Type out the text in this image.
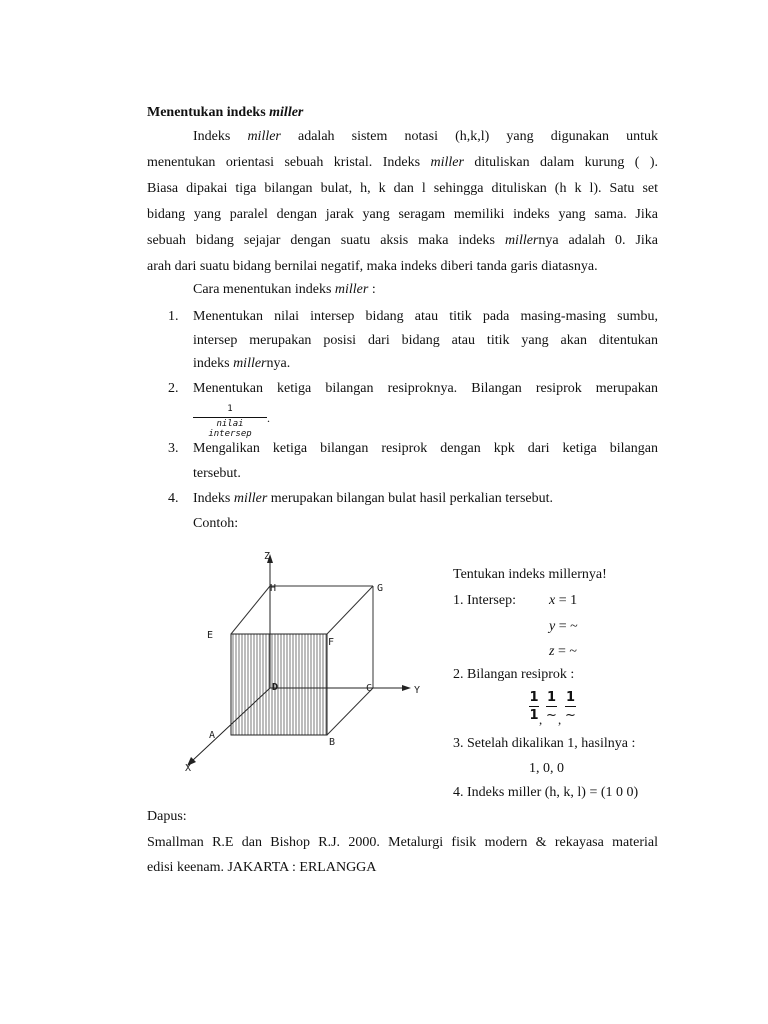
Menentukan indeks miller
Indeks miller adalah sistem notasi (h,k,l) yang digunakan untuk
menentukan orientasi sebuah kristal. Indeks miller dituliskan dalam kurung ( ).
Biasa dipakai tiga bilangan bulat, h, k dan l sehingga dituliskan (h k l). Satu set
bidang yang paralel dengan jarak yang seragam memiliki indeks yang sama. Jika
sebuah bidang sejajar dengan suatu aksis maka indeks millernya adalah 0. Jika
arah dari suatu bidang bernilai negatif, maka indeks diberi tanda garis diatasnya.
Cara menentukan indeks miller :
1. Menentukan nilai intersep bidang atau titik pada masing-masing sumbu,
intersep merupakan posisi dari bidang atau titik yang akan ditentukan
indeks millernya.
2. Menentukan ketiga bilangan resiproknya. Bilangan resiprok merupakan
1
nilai intersep
.
3. Mengalikan ketiga bilangan resiprok dengan kpk dari ketiga bilangan
tersebut.
4. Indeks miller merupakan bilangan bulat hasil perkalian tersebut.
Contoh:
Z
Y
X
H	G
E
F
D	C
A
B
Tentukan indeks millernya!
1. Intersep: x = 1
y = ~
z = ~
2. Bilangan resiprok :
1
1 ,
1
~ ,
1
~
3. Setelah dikalikan 1, hasilnya :
1, 0, 0
4. Indeks miller (h, k, l) = (1 0 0)
Dapus:
Smallman R.E dan Bishop R.J. 2000. Metalurgi fisik modern & rekayasa material
edisi keenam. JAKARTA : ERLANGGA
